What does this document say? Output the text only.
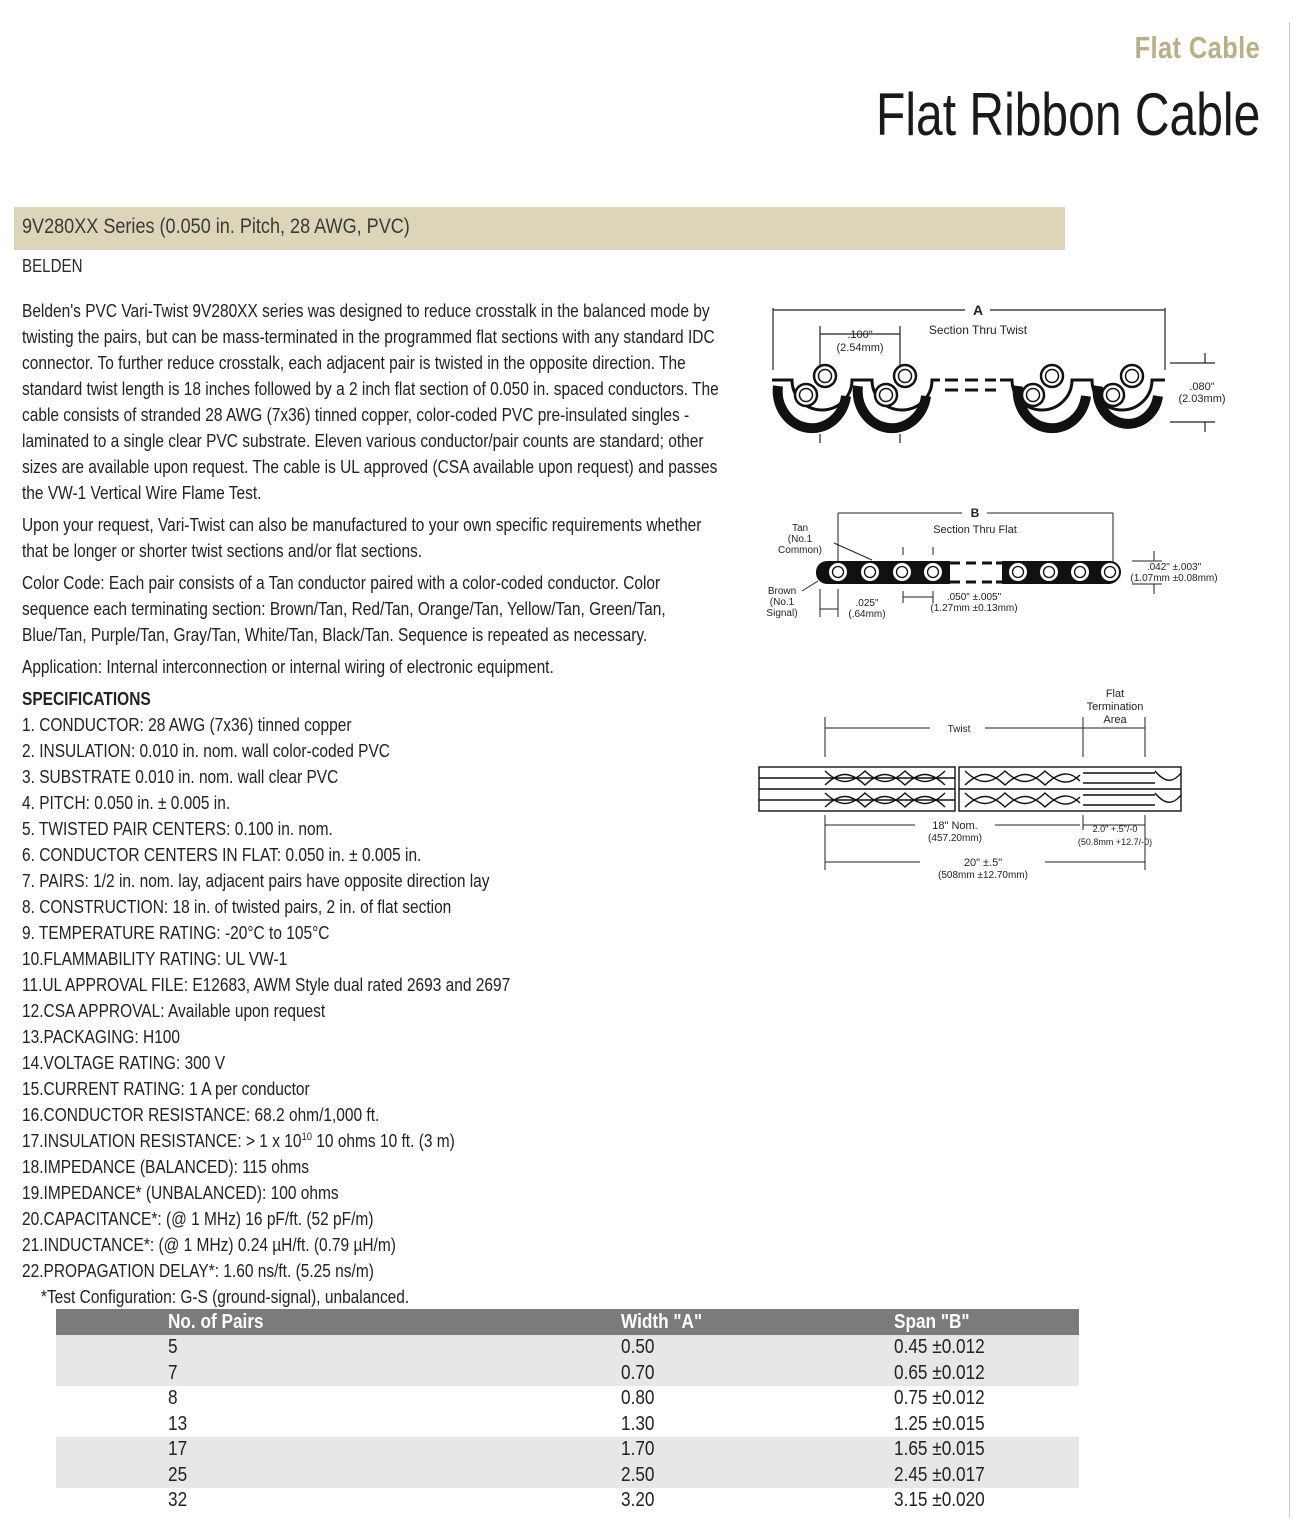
Flat Cable
Flat Ribbon Cable
9V280XX Series (0.050 in. Pitch, 28 AWG, PVC)
BELDEN

Belden's PVC Vari-Twist 9V280XX series was designed to reduce crosstalk in the balanced mode by twisting the pairs, but can be mass-terminated in the programmed flat sections with any standard IDC connector. To further reduce crosstalk, each adjacent pair is twisted in the opposite direction. The standard twist length is 18 inches followed by a 2 inch flat section of 0.050 in. spaced conductors. The cable consists of stranded 28 AWG (7x36) tinned copper, color-coded PVC pre-insulated singles - laminated to a single clear PVC substrate. Eleven various conductor/pair counts are standard; other sizes are available upon request. The cable is UL approved (CSA available upon request) and passes the VW-1 Vertical Wire Flame Test.

Upon your request, Vari-Twist can also be manufactured to your own specific requirements whether that be longer or shorter twist sections and/or flat sections.

Color Code: Each pair consists of a Tan conductor paired with a color-coded conductor. Color sequence each terminating section: Brown/Tan, Red/Tan, Orange/Tan, Yellow/Tan, Green/Tan, Blue/Tan, Purple/Tan, Gray/Tan, White/Tan, Black/Tan. Sequence is repeated as necessary.

Application: Internal interconnection or internal wiring of electronic equipment.

SPECIFICATIONS
1. CONDUCTOR: 28 AWG (7x36) tinned copper
2. INSULATION: 0.010 in. nom. wall color-coded PVC
3. SUBSTRATE 0.010 in. nom. wall clear PVC
4. PITCH: 0.050 in. ± 0.005 in.
5. TWISTED PAIR CENTERS: 0.100 in. nom.
6. CONDUCTOR CENTERS IN FLAT: 0.050 in. ± 0.005 in.
7. PAIRS: 1/2 in. nom. lay, adjacent pairs have opposite direction lay
8. CONSTRUCTION: 18 in. of twisted pairs, 2 in. of flat section
9. TEMPERATURE RATING: -20°C to 105°C
10.FLAMMABILITY RATING: UL VW-1
11.UL APPROVAL FILE: E12683, AWM Style dual rated 2693 and 2697
12.CSA APPROVAL: Available upon request
13.PACKAGING: H100
14.VOLTAGE RATING: 300 V
15.CURRENT RATING: 1 A per conductor
16.CONDUCTOR RESISTANCE: 68.2 ohm/1,000 ft.
17.INSULATION RESISTANCE: > 1 x $10^{10}$ 10 ohms 10 ft. (3 m)
18.IMPEDANCE (BALANCED): 115 ohms
19.IMPEDANCE* (UNBALANCED): 100 ohms
20.CAPACITANCE*: (@ 1 MHz) 16 pF/ft. (52 pF/m)
21.INDUCTANCE*: (@ 1 MHz) 0.24 µH/ft. (0.79 µH/m)
22.PROPAGATION DELAY*: 1.60 ns/ft. (5.25 ns/m)
*Test Configuration: G-S (ground-signal), unbalanced.
A
Section Thru Twist
.100"
(2.54mm)
.080"
(2.03mm)
B
Section Thru Flat
Tan
(No.1
Common)
Brown
(No.1
Signal)
.025"
(.64mm)
.050" ±.005"
(1.27mm ±0.13mm)
.042" ±.003"
(1.07mm ±0.08mm)
Flat
Termination
Area
Twist
18" Nom.
(457.20mm)
2.0" +.5"/-0
(50.8mm +12.7/-0)
20" ±.5"
(508mm ±12.70mm)
No. of Pairs	Width "A"	Span "B"
5	0.50	0.45 ±0.012
7	0.70	0.65 ±0.012
8	0.80	0.75 ±0.012
13	1.30	1.25 ±0.015
17	1.70	1.65 ±0.015
25	2.50	2.45 ±0.017
32	3.20	3.15 ±0.020
